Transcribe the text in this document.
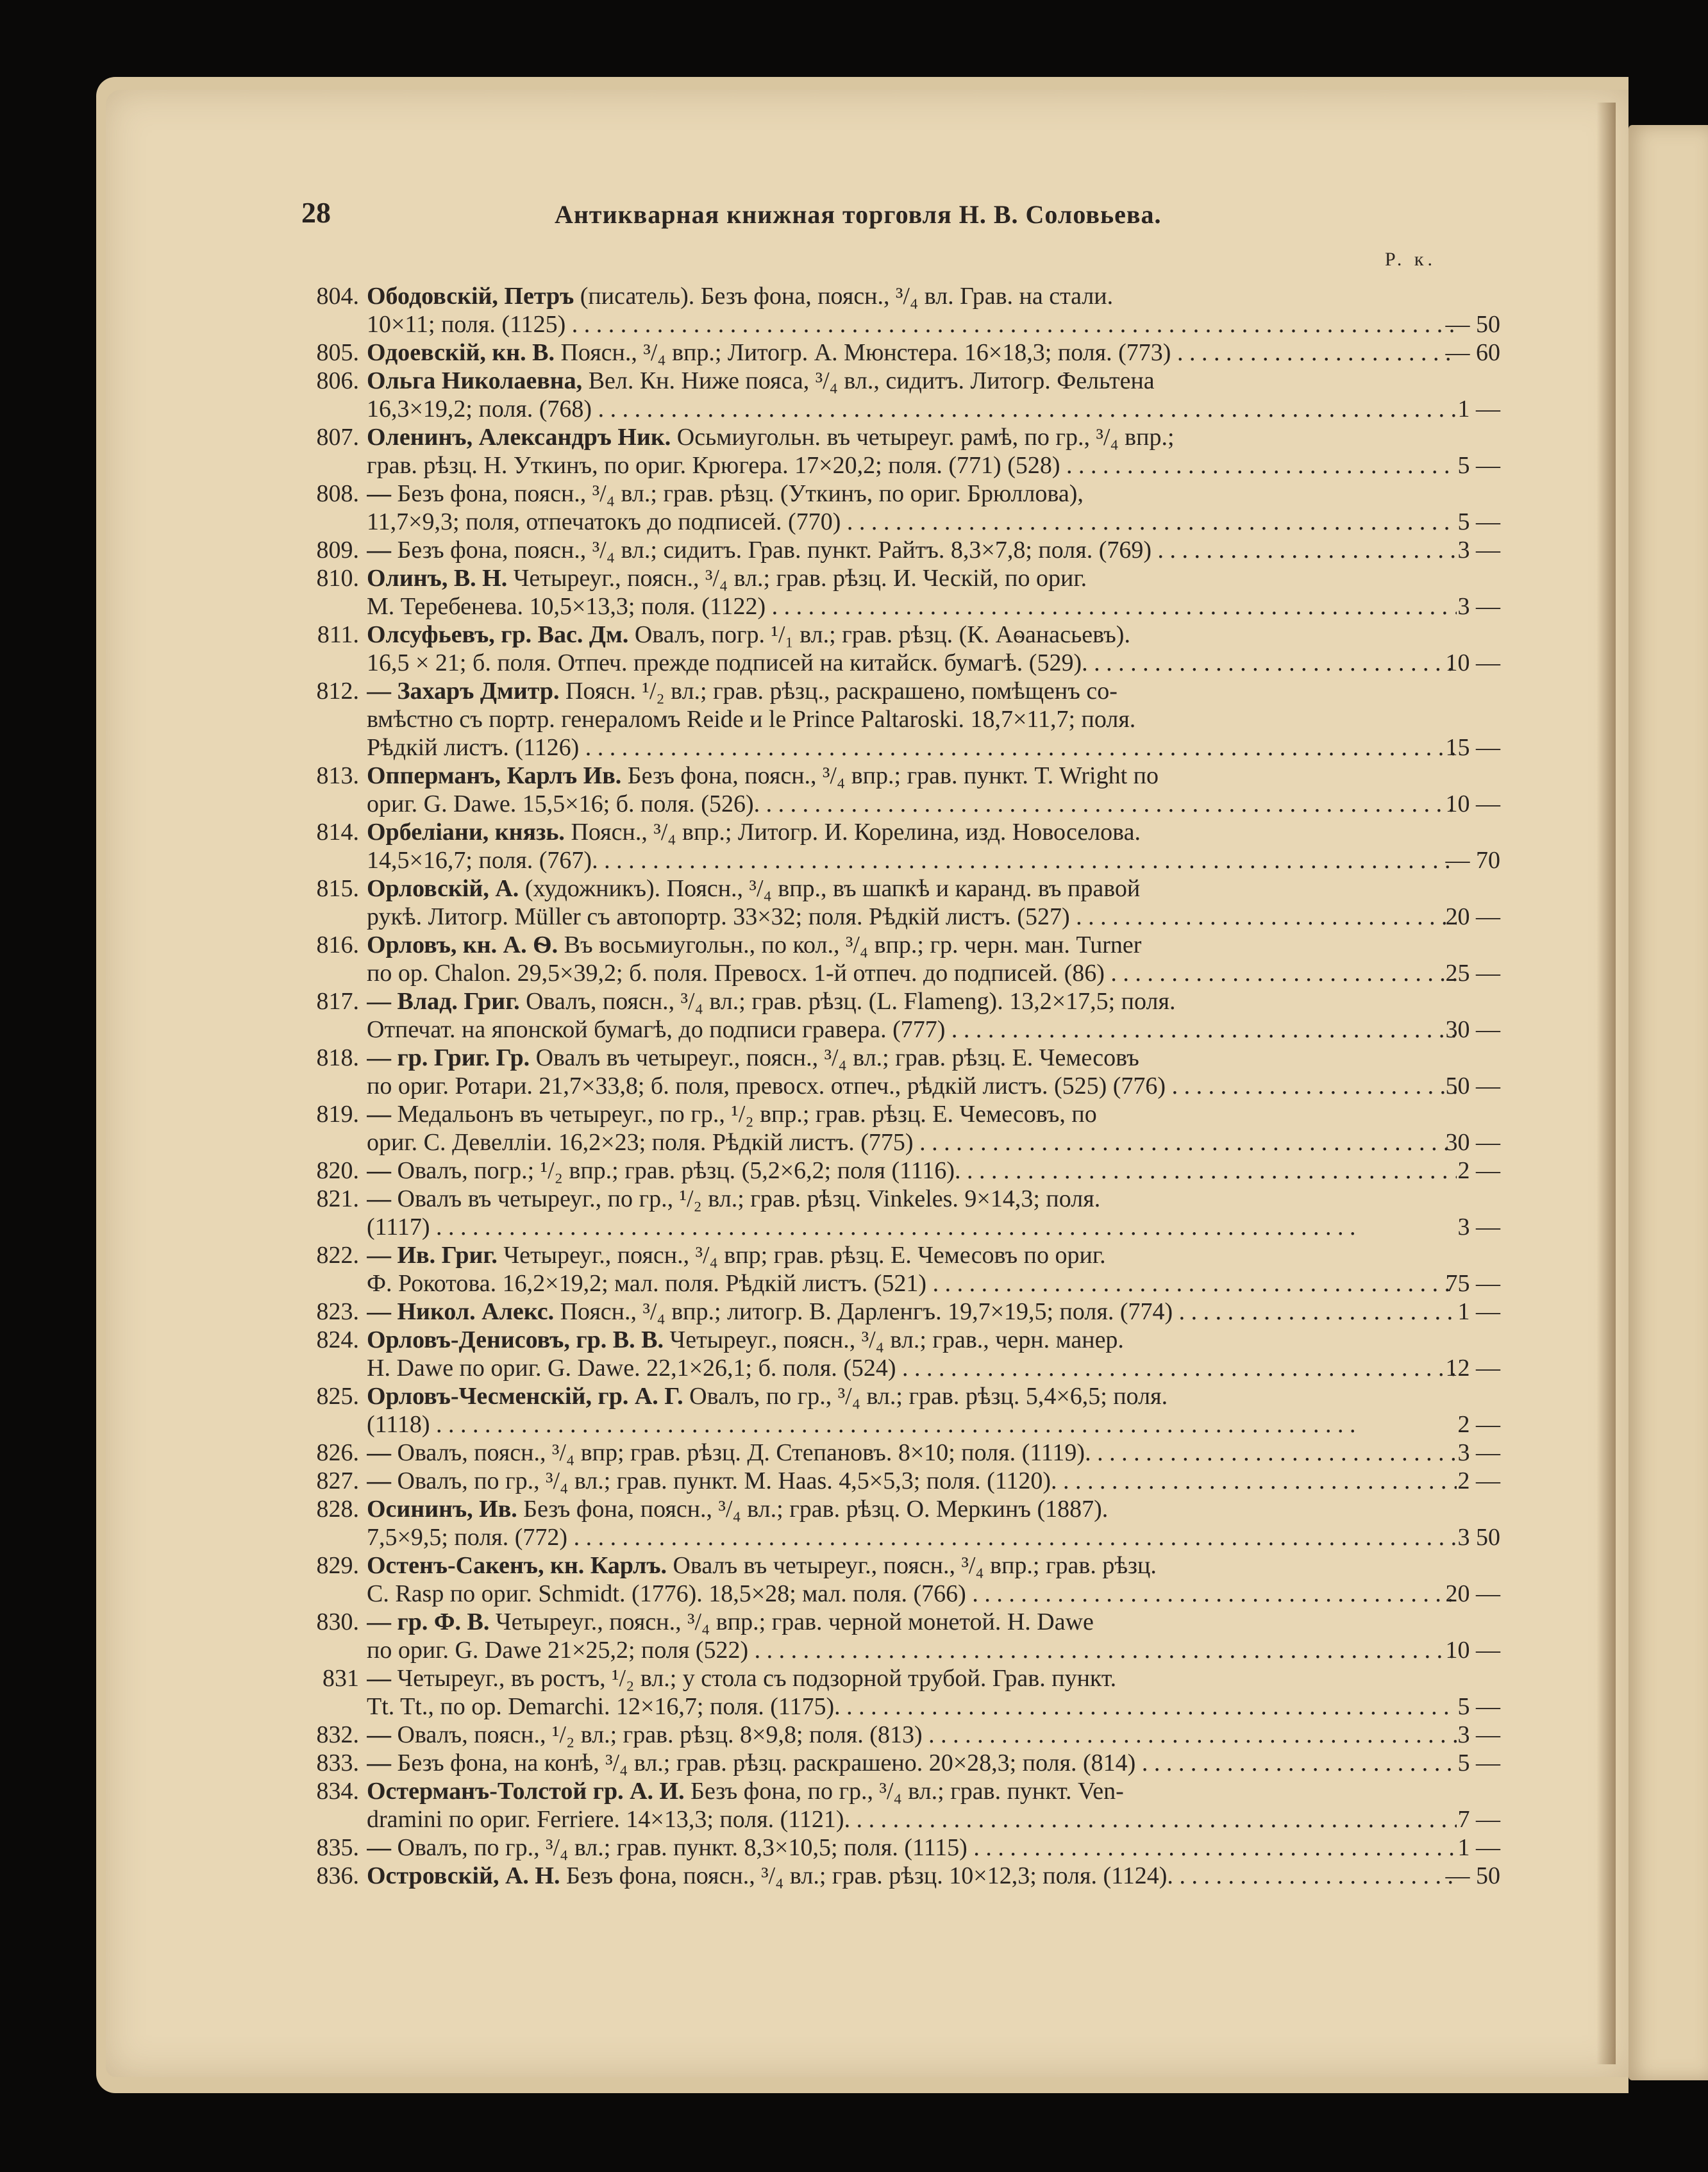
28	Антикварная книжная торговля Н. В. Соловьева.
Р. к.
804. Ободовскій, Петръ (писатель). Безъ фона, поясн., ³/₄ вл. Грав. на стали.
10×11; поля. (1125) . . .	— 50
805. Одоевскій, кн. В. Поясн., ³/₄ впр.; Литогр. А. Мюнстера. 16×18,3; поля. (773) . . .	— 60
806. Ольга Николаевна, Вел. Кн. Ниже пояса, ³/₄ вл., сидитъ. Литогр. Фельтена
16,3×19,2; поля. (768) . . .	1 —
807. Оленинъ, Александръ Ник. Осьмиугольн. въ четыреуг. рамѣ, по гр., ³/₄ впр.;
грав. рѣзц. Н. Уткинъ, по ориг. Крюгера. 17×20,2; поля. (771) (528) . . .	5 —
808. — Безъ фона, поясн., ³/₄ вл.; грав. рѣзц. (Уткинъ, по ориг. Брюллова),
11,7×9,3; поля, отпечатокъ до подписей. (770) . . .	5 —
809. — Безъ фона, поясн., ³/₄ вл.; сидитъ. Грав. пункт. Райтъ. 8,3×7,8; поля. (769) . . .	3 —
810. Олинъ, В. Н. Четыреуг., поясн., ³/₄ вл.; грав. рѣзц. И. Ческій, по ориг.
М. Теребенева. 10,5×13,3; поля. (1122) . . .	3 —
811. Олсуфьевъ, гр. Вас. Дм. Овалъ, погр. ¹/₁ вл.; грав. рѣзц. (К. Аѳанасьевъ).
16,5 × 21; б. поля. Отпеч. прежде подписей на китайск. бумагѣ. (529). . . .	10 —
812. — Захаръ Дмитр. Поясн. ¹/₂ вл.; грав. рѣзц., раскрашено, помѣщенъ со-
вмѣстно съ портр. генераломъ Reide и le Prince Paltaroski. 18,7×11,7; поля.
Рѣдкій листъ. (1126) . . .	15 —
813. Опперманъ, Карлъ Ив. Безъ фона, поясн., ³/₄ впр.; грав. пункт. T. Wright по
ориг. G. Dawe. 15,5×16; б. поля. (526). . . .	10 —
814. Орбеліани, князь. Поясн., ³/₄ впр.; Литогр. И. Корелина, изд. Новоселова.
14,5×16,7; поля. (767). . . .	— 70
815. Орловскій, А. (художникъ). Поясн., ³/₄ впр., въ шапкѣ и каранд. въ правой
рукѣ. Литогр. Müller съ автопортр. 33×32; поля. Рѣдкій листъ. (527) . . .	20 —
816. Орловъ, кн. А. Ѳ. Въ восьмиугольн., по кол., ³/₄ впр.; гр. черн. ман. Turner
по ор. Chalon. 29,5×39,2; б. поля. Превосх. 1-й отпеч. до подписей. (86) . . .	25 —
817. — Влад. Григ. Овалъ, поясн., ³/₄ вл.; грав. рѣзц. (L. Flameng). 13,2×17,5; поля.
Отпечат. на японской бумагѣ, до подписи гравера. (777) . . .	30 —
818. — гр. Григ. Гр. Овалъ въ четыреуг., поясн., ³/₄ вл.; грав. рѣзц. Е. Чемесовъ
по ориг. Ротари. 21,7×33,8; б. поля, превосх. отпеч., рѣдкій листъ. (525) (776) . . .	50 —
819. — Медальонъ въ четыреуг., по гр., ¹/₂ впр.; грав. рѣзц. Е. Чемесовъ, по
ориг. С. Девелліи. 16,2×23; поля. Рѣдкій листъ. (775) . . .	30 —
820. — Овалъ, погр.; ¹/₂ впр.; грав. рѣзц. (5,2×6,2; поля (1116). . . .	2 —
821. — Овалъ въ четыреуг., по гр., ¹/₂ вл.; грав. рѣзц. Vinkeles. 9×14,3; поля.
(1117) . . .	3 —
822. — Ив. Григ. Четыреуг., поясн., ³/₄ впр; грав. рѣзц. Е. Чемесовъ по ориг.
Ф. Рокотова. 16,2×19,2; мал. поля. Рѣдкій листъ. (521) . . .	75 —
823. — Никол. Алекс. Поясн., ³/₄ впр.; литогр. В. Дарленгъ. 19,7×19,5; поля. (774) . . .	1 —
824. Орловъ-Денисовъ, гр. В. В. Четыреуг., поясн., ³/₄ вл.; грав., черн. манер.
H. Dawe по ориг. G. Dawe. 22,1×26,1; б. поля. (524) . . .	12 —
825. Орловъ-Чесменскій, гр. А. Г. Овалъ, по гр., ³/₄ вл.; грав. рѣзц. 5,4×6,5; поля.
(1118) . . .	2 —
826. — Овалъ, поясн., ³/₄ впр; грав. рѣзц. Д. Степановъ. 8×10; поля. (1119). . . .	3 —
827. — Овалъ, по гр., ³/₄ вл.; грав. пункт. М. Haas. 4,5×5,3; поля. (1120). . . .	2 —
828. Осининъ, Ив. Безъ фона, поясн., ³/₄ вл.; грав. рѣзц. О. Меркинъ (1887).
7,5×9,5; поля. (772) . . .	3 50
829. Остенъ-Сакенъ, кн. Карлъ. Овалъ въ четыреуг., поясн., ³/₄ впр.; грав. рѣзц.
C. Rasp по ориг. Schmidt. (1776). 18,5×28; мал. поля. (766) . . .	20 —
830. — гр. Ф. В. Четыреуг., поясн., ³/₄ впр.; грав. черной монетой. H. Dawe
по ориг. G. Dawe 21×25,2; поля (522) . . .	10 —
831 — Четыреуг., въ ростъ, ¹/₂ вл.; у стола съ подзорной трубой. Грав. пункт.
Tt. Tt., по ор. Demarchi. 12×16,7; поля. (1175). . . .	5 —
832. — Овалъ, поясн., ¹/₂ вл.; грав. рѣзц. 8×9,8; поля. (813) . . .	3 —
833. — Безъ фона, на конѣ, ³/₄ вл.; грав. рѣзц. раскрашено. 20×28,3; поля. (814) . . .	5 —
834. Остерманъ-Толстой гр. А. И. Безъ фона, по гр., ³/₄ вл.; грав. пункт. Ven-
dramini по ориг. Ferriere. 14×13,3; поля. (1121). . . .	7 —
835. — Овалъ, по гр., ³/₄ вл.; грав. пункт. 8,3×10,5; поля. (1115) . . .	1 —
836. Островскій, А. Н. Безъ фона, поясн., ³/₄ вл.; грав. рѣзц. 10×12,3; поля. (1124). . . .	— 50
